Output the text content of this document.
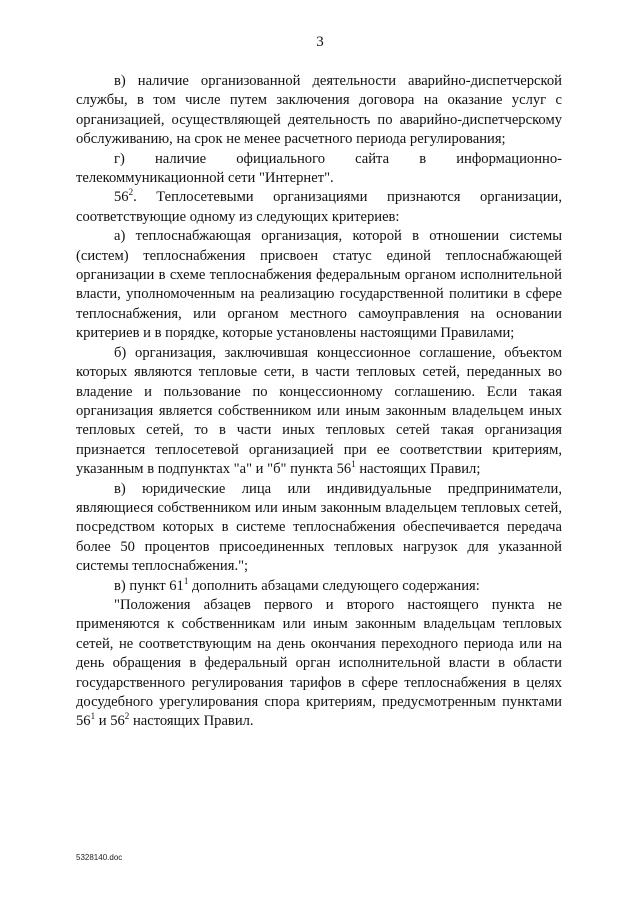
3

в) наличие организованной деятельности аварийно-диспетчерской службы, в том числе путем заключения договора на оказание услуг с организацией, осуществляющей деятельность по аварийно-диспетчерскому обслуживанию, на срок не менее расчетного периода регулирования;

г) наличие официального сайта в информационно-телекоммуникационной сети "Интернет".

$56^2$. Теплосетевыми организациями признаются организации, соответствующие одному из следующих критериев:

а) теплоснабжающая организация, которой в отношении системы (систем) теплоснабжения присвоен статус единой теплоснабжающей организации в схеме теплоснабжения федеральным органом исполнительной власти, уполномоченным на реализацию государственной политики в сфере теплоснабжения, или органом местного самоуправления на основании критериев и в порядке, которые установлены настоящими Правилами;

б) организация, заключившая концессионное соглашение, объектом которых являются тепловые сети, в части тепловых сетей, переданных во владение и пользование по концессионному соглашению. Если такая организация является собственником или иным законным владельцем иных тепловых сетей, то в части иных тепловых сетей такая организация признается теплосетевой организацией при ее соответствии критериям, указанным в подпунктах "а" и "б" пункта $56^1$ настоящих Правил;

в) юридические лица или индивидуальные предприниматели, являющиеся собственником или иным законным владельцем тепловых сетей, посредством которых в системе теплоснабжения обеспечивается передача более 50 процентов присоединенных тепловых нагрузок для указанной системы теплоснабжения.";

в) пункт $61^1$ дополнить абзацами следующего содержания:

"Положения абзацев первого и второго настоящего пункта не применяются к собственникам или иным законным владельцам тепловых сетей, не соответствующим на день окончания переходного периода или на день обращения в федеральный орган исполнительной власти в области государственного регулирования тарифов в сфере теплоснабжения в целях досудебного урегулирования спора критериям, предусмотренным пунктами $56^1$ и $56^2$ настоящих Правил.

5328140.doc
